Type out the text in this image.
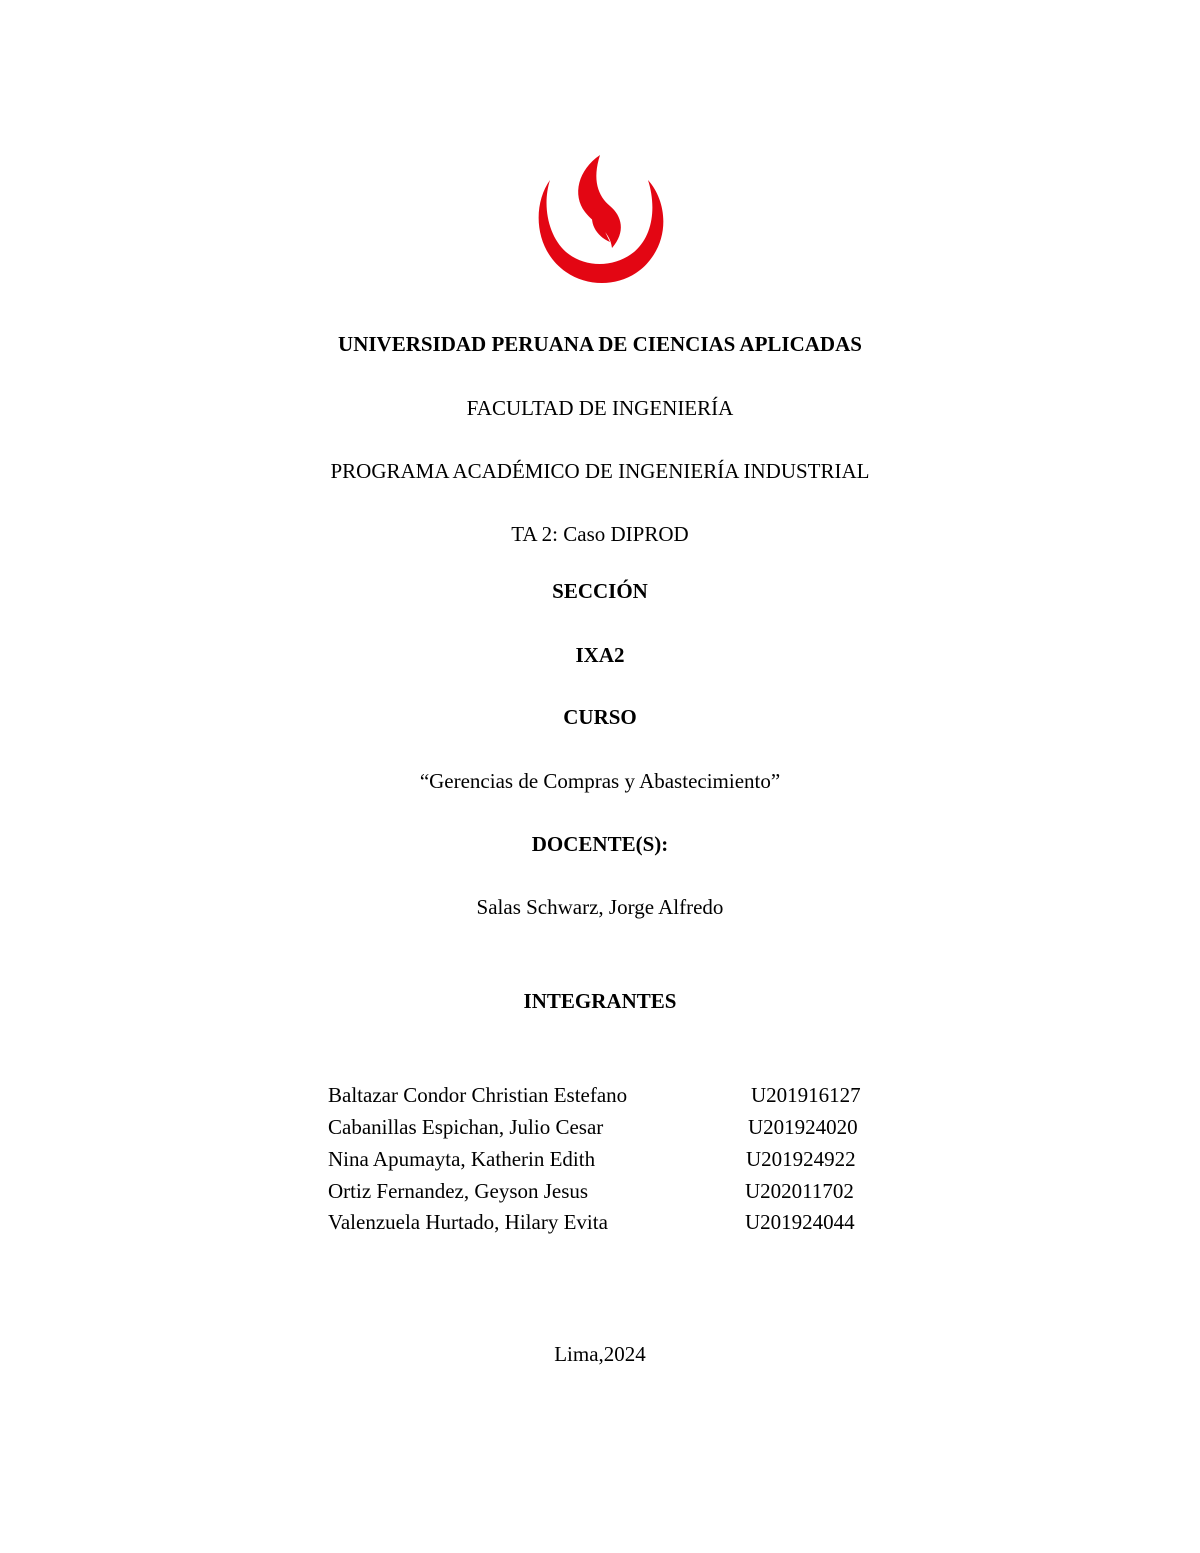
UNIVERSIDAD PERUANA DE CIENCIAS APLICADAS
FACULTAD DE INGENIERÍA
PROGRAMA ACADÉMICO DE INGENIERÍA INDUSTRIAL
TA 2: Caso DIPROD
SECCIÓN
IXA2
CURSO
“Gerencias de Compras y Abastecimiento”
DOCENTE(S):
Salas Schwarz, Jorge Alfredo
INTEGRANTES
Baltazar Condor Christian Estefano	U201916127
Cabanillas Espichan, Julio Cesar	U201924020
Nina Apumayta, Katherin Edith	U201924922
Ortiz Fernandez, Geyson Jesus	U202011702
Valenzuela Hurtado, Hilary Evita	U201924044
Lima,2024
